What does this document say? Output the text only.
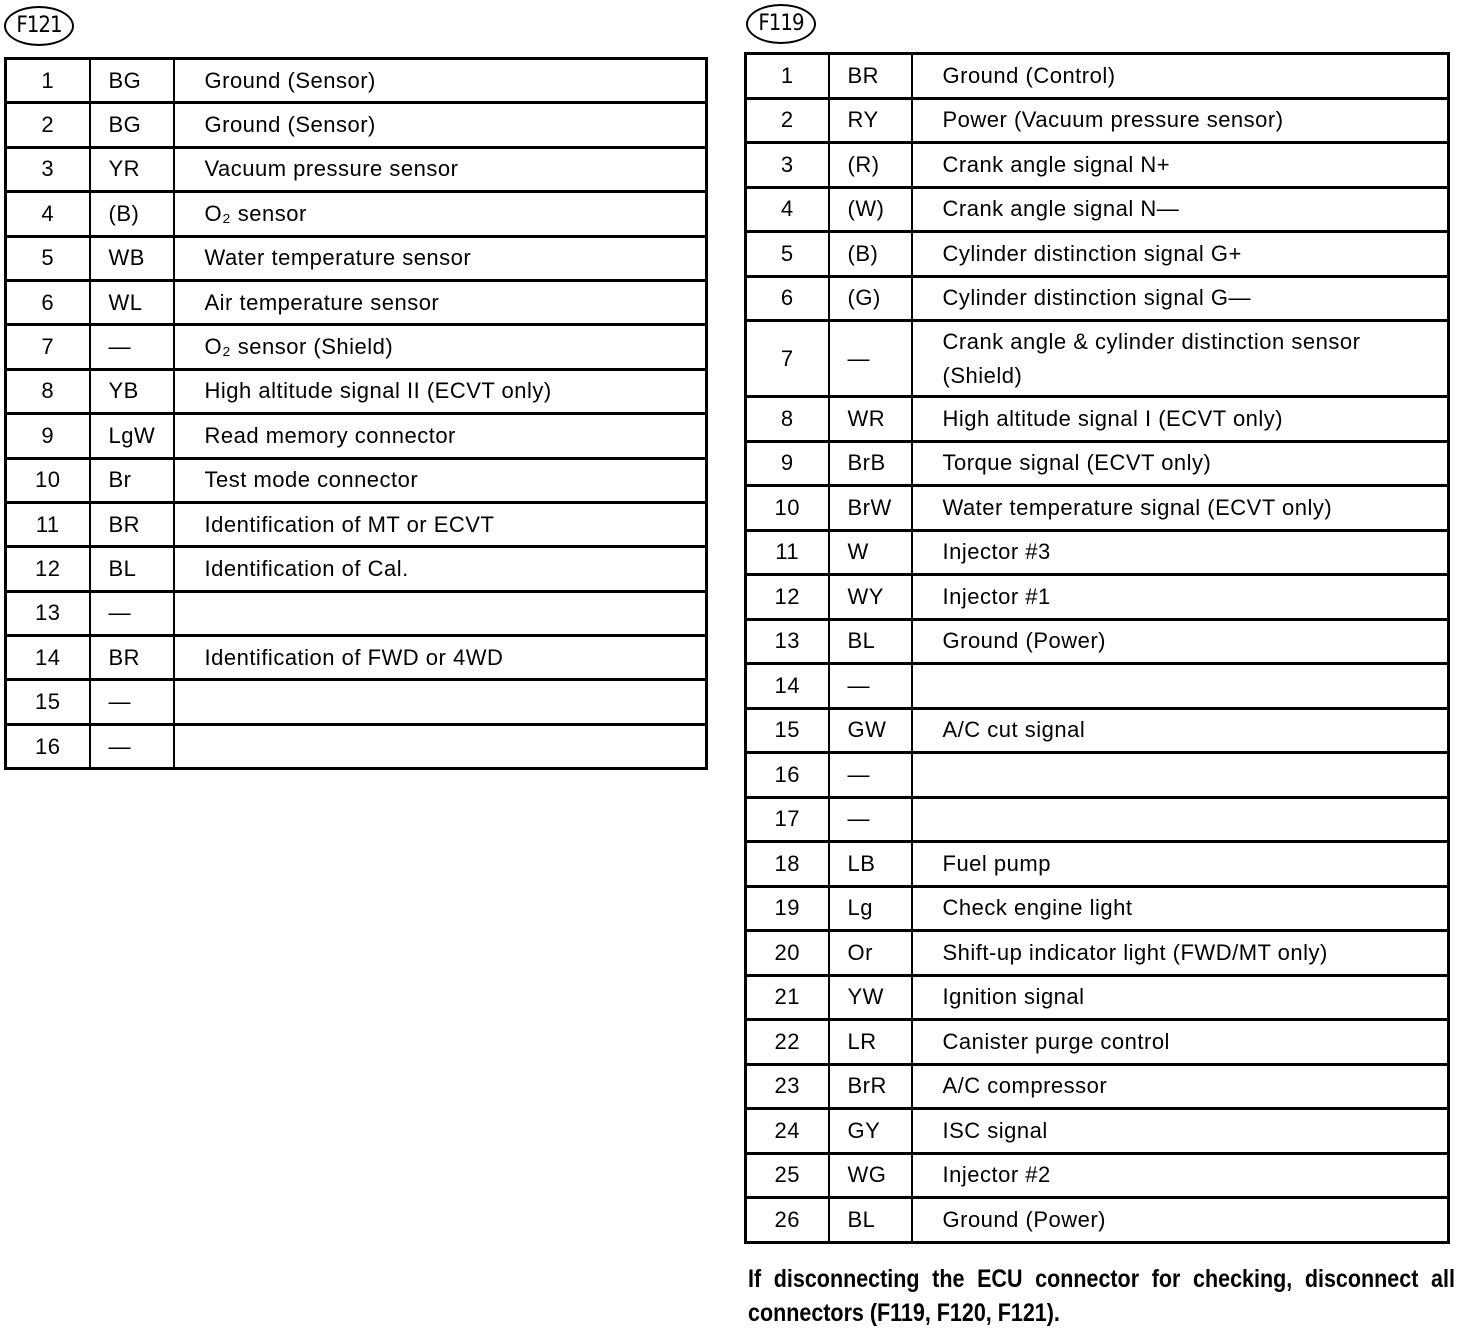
F121
1	BG	Ground (Sensor)
2	BG	Ground (Sensor)
3	YR	Vacuum pressure sensor
4	(B)	O₂ sensor
5	WB	Water temperature sensor
6	WL	Air temperature sensor
7	—	O₂ sensor (Shield)
8	YB	High altitude signal II (ECVT only)
9	LgW	Read memory connector
10	Br	Test mode connector
11	BR	Identification of MT or ECVT
12	BL	Identification of Cal.
13	—	
14	BR	Identification of FWD or 4WD
15	—	
16	—	
F119
1	BR	Ground (Control)
2	RY	Power (Vacuum pressure sensor)
3	(R)	Crank angle signal N+
4	(W)	Crank angle signal N—
5	(B)	Cylinder distinction signal G+
6	(G)	Cylinder distinction signal G—
7	—	Crank angle & cylinder distinction sensor (Shield)
8	WR	High altitude signal I (ECVT only)
9	BrB	Torque signal (ECVT only)
10	BrW	Water temperature signal (ECVT only)
11	W	Injector #3
12	WY	Injector #1
13	BL	Ground (Power)
14	—	
15	GW	A/C cut signal
16	—	
17	—	
18	LB	Fuel pump
19	Lg	Check engine light
20	Or	Shift-up indicator light (FWD/MT only)
21	YW	Ignition signal
22	LR	Canister purge control
23	BrR	A/C compressor
24	GY	ISC signal
25	WG	Injector #2
26	BL	Ground (Power)
If disconnecting the ECU connector for checking, disconnect all connectors (F119, F120, F121).
